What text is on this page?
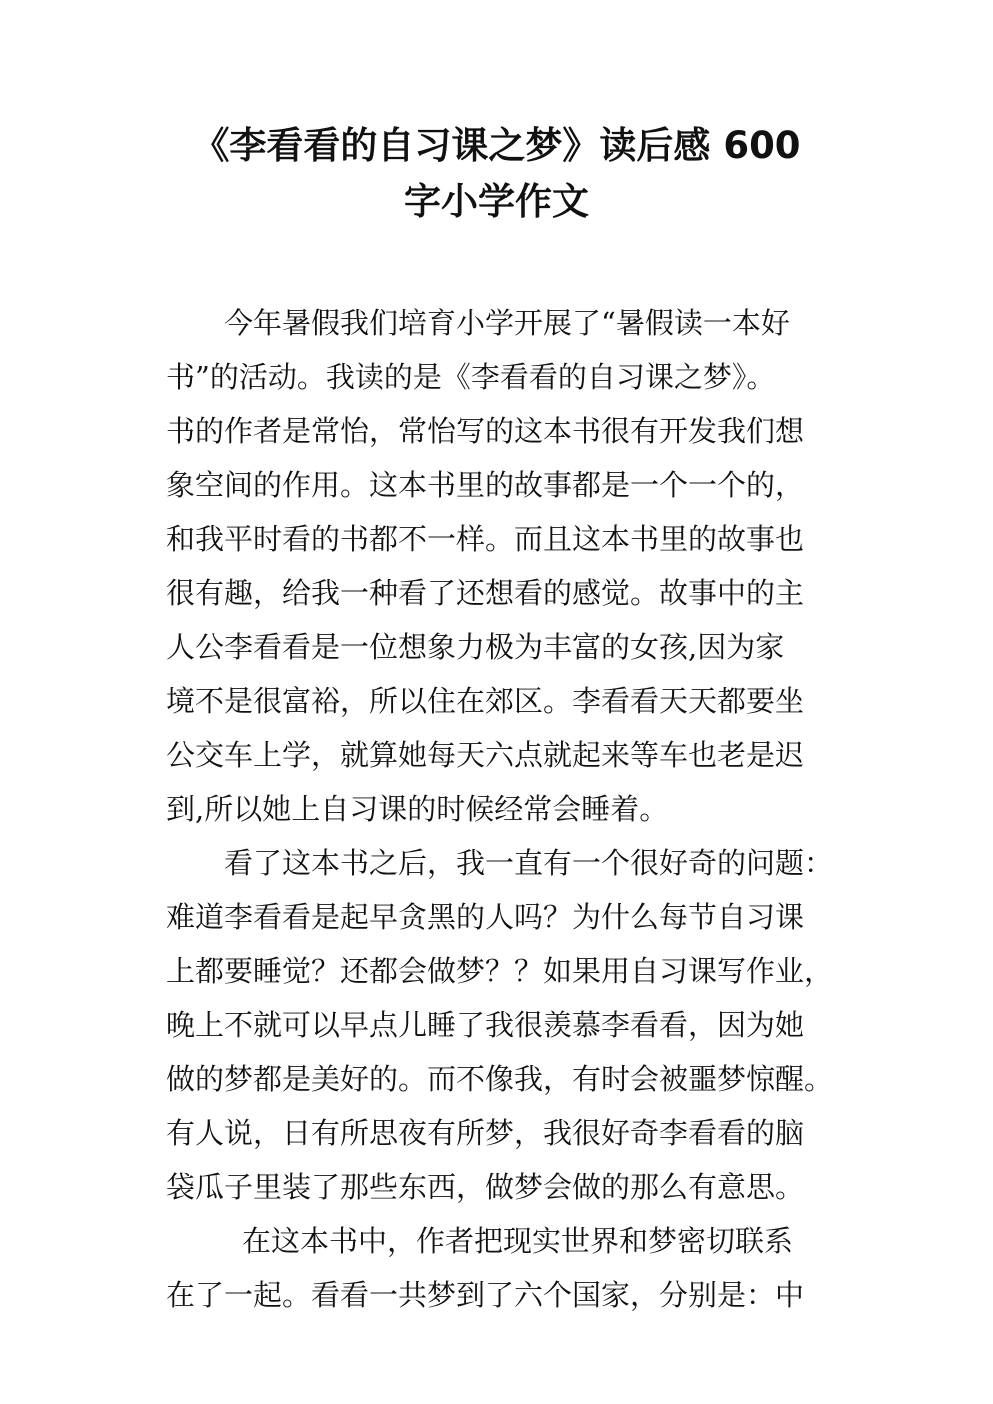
《李看看的自习课之梦》读后感 600
字小学作文
今年暑假我们培育小学开展了“暑假读一本好
书”的活动。我读的是《李看看的自习课之梦》。
书的作者是常怡，常怡写的这本书很有开发我们想
象空间的作用。这本书里的故事都是一个一个的，
和我平时看的书都不一样。而且这本书里的故事也
很有趣，给我一种看了还想看的感觉。故事中的主
人公李看看是一位想象力极为丰富的女孩,因为家
境不是很富裕，所以住在郊区。李看看天天都要坐
公交车上学，就算她每天六点就起来等车也老是迟
到,所以她上自习课的时候经常会睡着。
看了这本书之后，我一直有一个很好奇的问题：
难道李看看是起早贪黑的人吗？为什么每节自习课
上都要睡觉？还都会做梦？？如果用自习课写作业，
晚上不就可以早点儿睡了我很羡慕李看看，因为她
做的梦都是美好的。而不像我，有时会被噩梦惊醒。
有人说，日有所思夜有所梦，我很好奇李看看的脑
袋瓜子里装了那些东西，做梦会做的那么有意思。
在这本书中，作者把现实世界和梦密切联系
在了一起。看看一共梦到了六个国家，分别是：中
